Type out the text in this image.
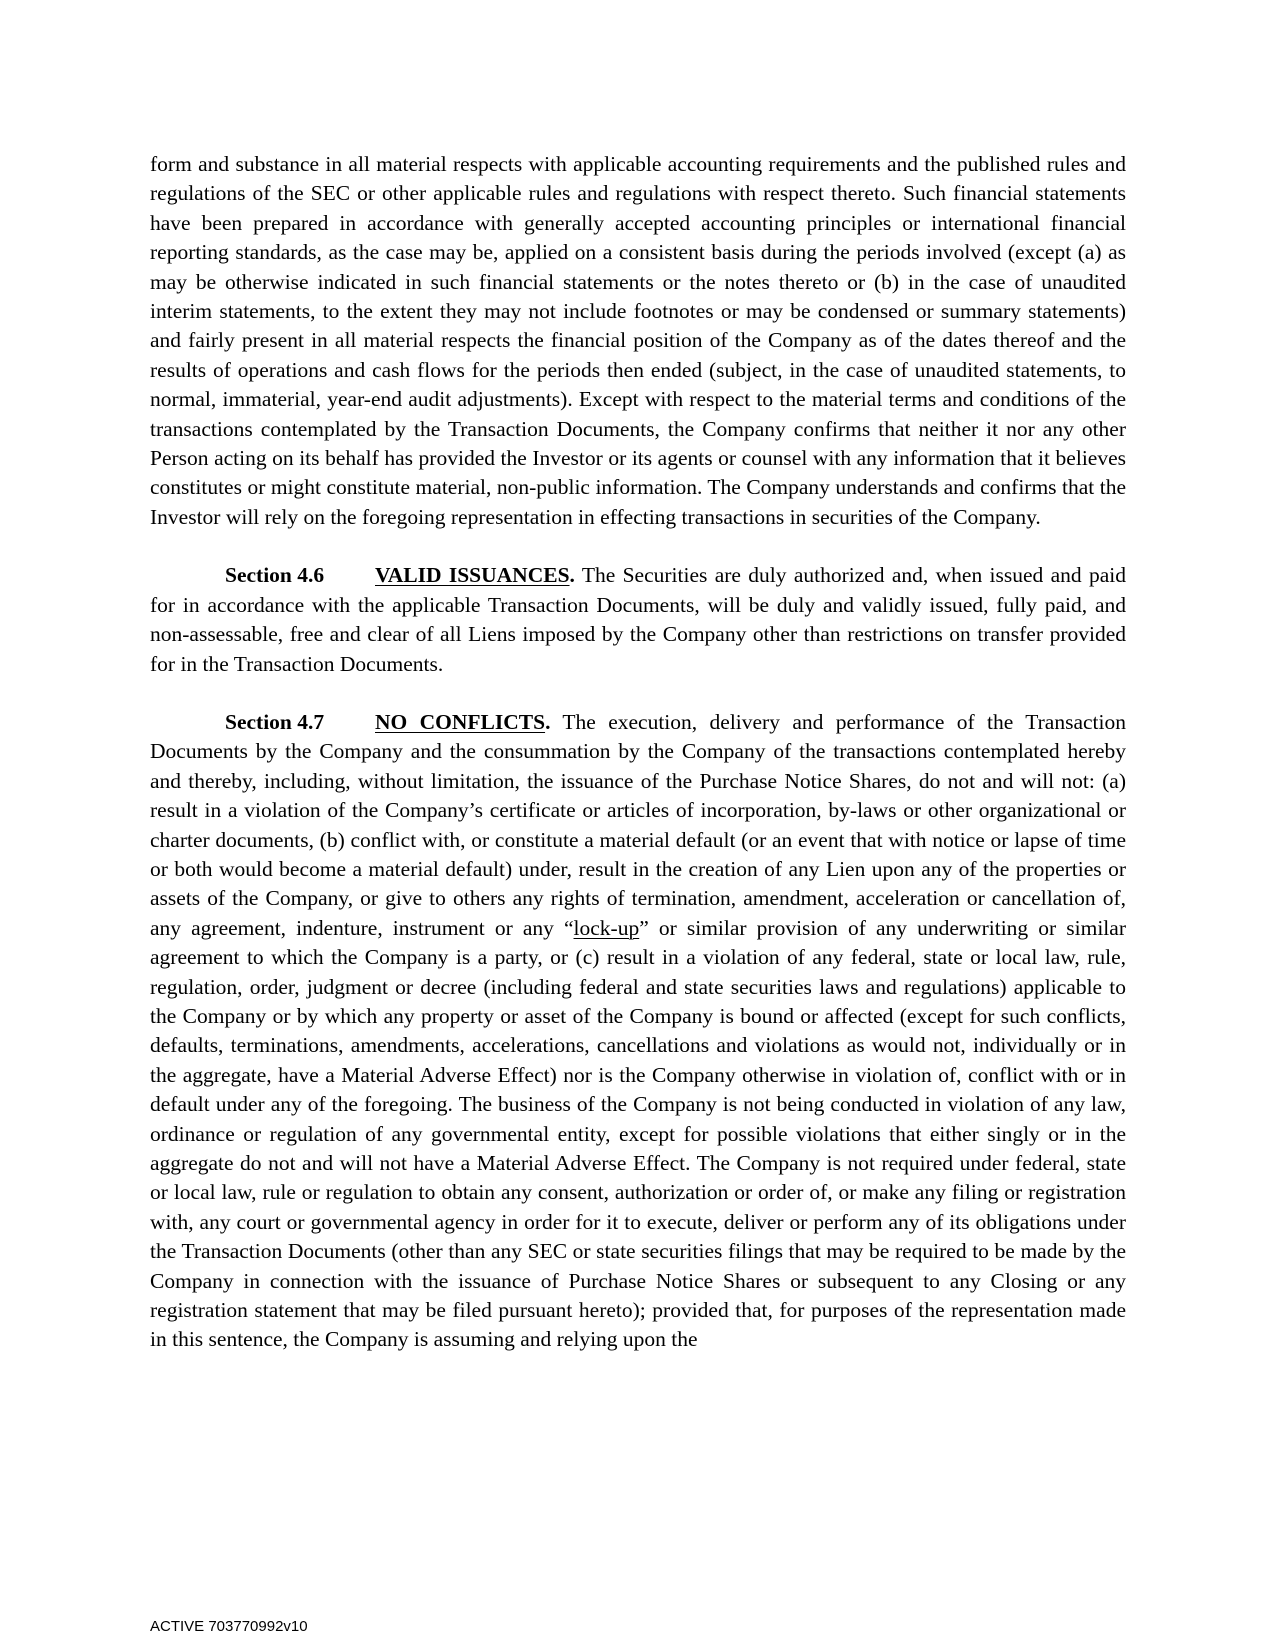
form and substance in all material respects with applicable accounting requirements and the published rules and regulations of the SEC or other applicable rules and regulations with respect thereto. Such financial statements have been prepared in accordance with generally accepted accounting principles or international financial reporting standards, as the case may be, applied on a consistent basis during the periods involved (except (a) as may be otherwise indicated in such financial statements or the notes thereto or (b) in the case of unaudited interim statements, to the extent they may not include footnotes or may be condensed or summary statements) and fairly present in all material respects the financial position of the Company as of the dates thereof and the results of operations and cash flows for the periods then ended (subject, in the case of unaudited statements, to normal, immaterial, year-end audit adjustments). Except with respect to the material terms and conditions of the transactions contemplated by the Transaction Documents, the Company confirms that neither it nor any other Person acting on its behalf has provided the Investor or its agents or counsel with any information that it believes constitutes or might constitute material, non-public information. The Company understands and confirms that the Investor will rely on the foregoing representation in effecting transactions in securities of the Company.

Section 4.6 VALID ISSUANCES. The Securities are duly authorized and, when issued and paid for in accordance with the applicable Transaction Documents, will be duly and validly issued, fully paid, and non-assessable, free and clear of all Liens imposed by the Company other than restrictions on transfer provided for in the Transaction Documents.

Section 4.7 NO CONFLICTS. The execution, delivery and performance of the Transaction Documents by the Company and the consummation by the Company of the transactions contemplated hereby and thereby, including, without limitation, the issuance of the Purchase Notice Shares, do not and will not: (a) result in a violation of the Company’s certificate or articles of incorporation, by-laws or other organizational or charter documents, (b) conflict with, or constitute a material default (or an event that with notice or lapse of time or both would become a material default) under, result in the creation of any Lien upon any of the properties or assets of the Company, or give to others any rights of termination, amendment, acceleration or cancellation of, any agreement, indenture, instrument or any “lock-up” or similar provision of any underwriting or similar agreement to which the Company is a party, or (c) result in a violation of any federal, state or local law, rule, regulation, order, judgment or decree (including federal and state securities laws and regulations) applicable to the Company or by which any property or asset of the Company is bound or affected (except for such conflicts, defaults, terminations, amendments, accelerations, cancellations and violations as would not, individually or in the aggregate, have a Material Adverse Effect) nor is the Company otherwise in violation of, conflict with or in default under any of the foregoing. The business of the Company is not being conducted in violation of any law, ordinance or regulation of any governmental entity, except for possible violations that either singly or in the aggregate do not and will not have a Material Adverse Effect. The Company is not required under federal, state or local law, rule or regulation to obtain any consent, authorization or order of, or make any filing or registration with, any court or governmental agency in order for it to execute, deliver or perform any of its obligations under the Transaction Documents (other than any SEC or state securities filings that may be required to be made by the Company in connection with the issuance of Purchase Notice Shares or subsequent to any Closing or any registration statement that may be filed pursuant hereto); provided that, for purposes of the representation made in this sentence, the Company is assuming and relying upon the

ACTIVE 703770992v10
